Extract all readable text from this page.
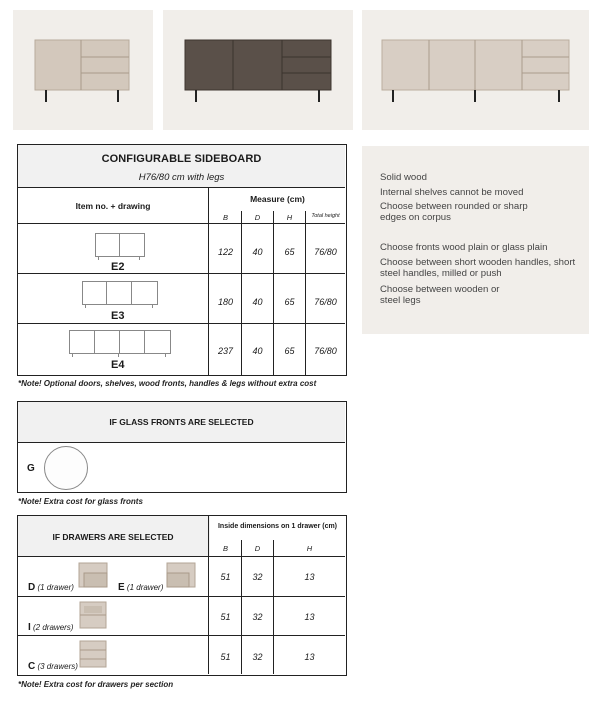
CONFIGURABLE SIDEBOARD
H76/80 cm with legs
Item no. + drawing
Measure (cm)
B	D	H	Total height
E2
122	40	65	76/80
E3
180	40	65	76/80
E4
237	40	65	76/80
*Note! Optional doors, shelves, wood fronts, handles & legs without extra cost
IF GLASS FRONTS ARE SELECTED
G
*Note! Extra cost for glass fronts
IF DRAWERS ARE SELECTED
Inside dimensions on 1 drawer (cm)
B	D	H
D (1 drawer)	E (1 drawer)
51	32	13
I (2 drawers)
51	32	13
C (3 drawers)
51	32	13
*Note! Extra cost for drawers per section
Solid wood
Internal shelves cannot be moved
Choose between rounded or sharp edges on corpus
Choose fronts wood plain or glass plain
Choose between short wooden handles, short steel handles, milled or push
Choose between wooden or steel legs
